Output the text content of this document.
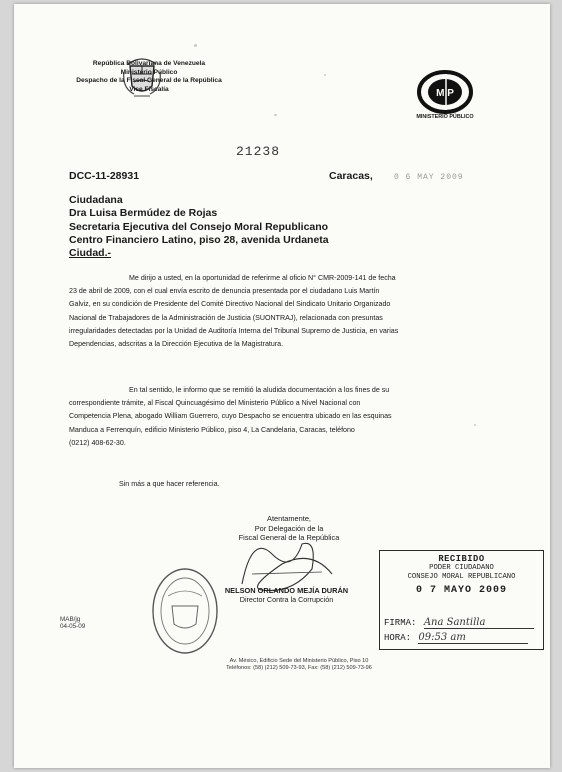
República Bolivariana de Venezuela
Ministerio Público
Despacho de la Fiscal General de la República
Vice Fiscalía	M P
MINISTERIO PÚBLICO
21238
DCC-11-28931	Caracas,	0 6 MAY 2009
Ciudadana
Dra Luisa Bermúdez de Rojas
Secretaria Ejecutiva del Consejo Moral Republicano
Centro Financiero Latino, piso 28, avenida Urdaneta
Ciudad.-
Me dirijo a usted, en la oportunidad de referirme al oficio N° CMR-2009-141 de fecha
23 de abril de 2009, con el cual envía escrito de denuncia presentada por el ciudadano Luis Martín
Galviz, en su condición de Presidente del Comité Directivo Nacional del Sindicato Unitario Organizado
Nacional de Trabajadores de la Administración de Justicia (SUONTRAJ), relacionada con presuntas
irregularidades detectadas por la Unidad de Auditoría Interna del Tribunal Supremo de Justicia, en varias
Dependencias, adscritas a la Dirección Ejecutiva de la Magistratura.
En tal sentido, le informo que se remitió la aludida documentación a los fines de su
correspondiente trámite, al Fiscal Quincuagésimo del Ministerio Público a Nivel Nacional con
Competencia Plena, abogado William Guerrero, cuyo Despacho se encuentra ubicado en las esquinas
Manduca a Ferrenquín, edificio Ministerio Público, piso 4, La Candelaria, Caracas, teléfono
(0212) 408-62-30.
Sin más a que hacer referencia.
Atentamente,
Por Delegación de la
Fiscal General de la República
NELSON ORLANDO MEJÍA DURÁN
Director Contra la Corrupción
MAB/jg
04-05-09
RECIBIDO
PODER CIUDADANO
CONSEJO MORAL REPUBLICANO
0 7 MAYO 2009
FIRMA: Ana Santilla
HORA: 09:53 am
Av. México, Edificio Sede del Ministerio Público, Piso 10
Teléfonos: (58) (212) 509-73-93, Fax: (58) (212) 509-73-96
